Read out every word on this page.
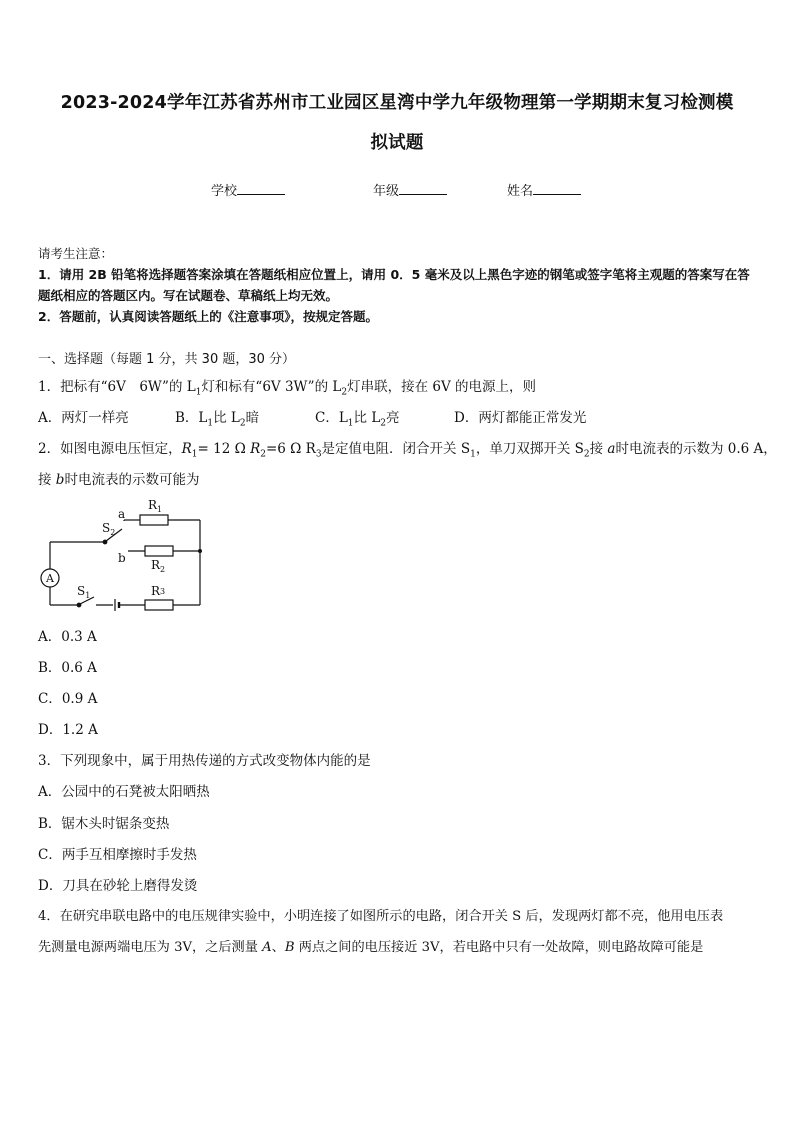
2023-2024学年江苏省苏州市工业园区星湾中学九年级物理第一学期期末复习检测模
拟试题
学校	年级	姓名
请考生注意：
1．请用 2B 铅笔将选择题答案涂填在答题纸相应位置上，请用 0．5 毫米及以上黑色字迹的钢笔或签字笔将主观题的答案写在答题纸相应的答题区内。写在试题卷、草稿纸上均无效。
2．答题前，认真阅读答题纸上的《注意事项》，按规定答题。
一、选择题（每题 1 分，共 30 题，30 分）
1．把标有“6V　6W”的 $L_1$灯和标有“6V 3W”的 $L_2$灯串联，接在 6V 的电源上，则
A．两灯一样亮	B．$L_1$比 $L_2$暗	C．$L_1$比 $L_2$亮	D．两灯都能正常发光
2．如图电源电压恒定，$R_1= 12$ Ω $R_2=6$ Ω $R_3$是定值电阻．闭合开关 $S_1$，单刀双掷开关 $S_2$接 a时电流表的示数为 0.6 A，
接 b时电流表的示数可能为
A
$R_1$
$R_2$
R3
$S_2$
$S_1$
a
b
A．0.3 A
B．0.6 A
C．0.9 A
D．1.2 A
3．下列现象中，属于用热传递的方式改变物体内能的是
A．公园中的石凳被太阳晒热
B．锯木头时锯条变热
C．两手互相摩擦时手发热
D．刀具在砂轮上磨得发烫
4．在研究串联电路中的电压规律实验中，小明连接了如图所示的电路，闭合开关 S 后，发现两灯都不亮，他用电压表
先测量电源两端电压为 3V，之后测量 A、B 两点之间的电压接近 3V，若电路中只有一处故障，则电路故障可能是
